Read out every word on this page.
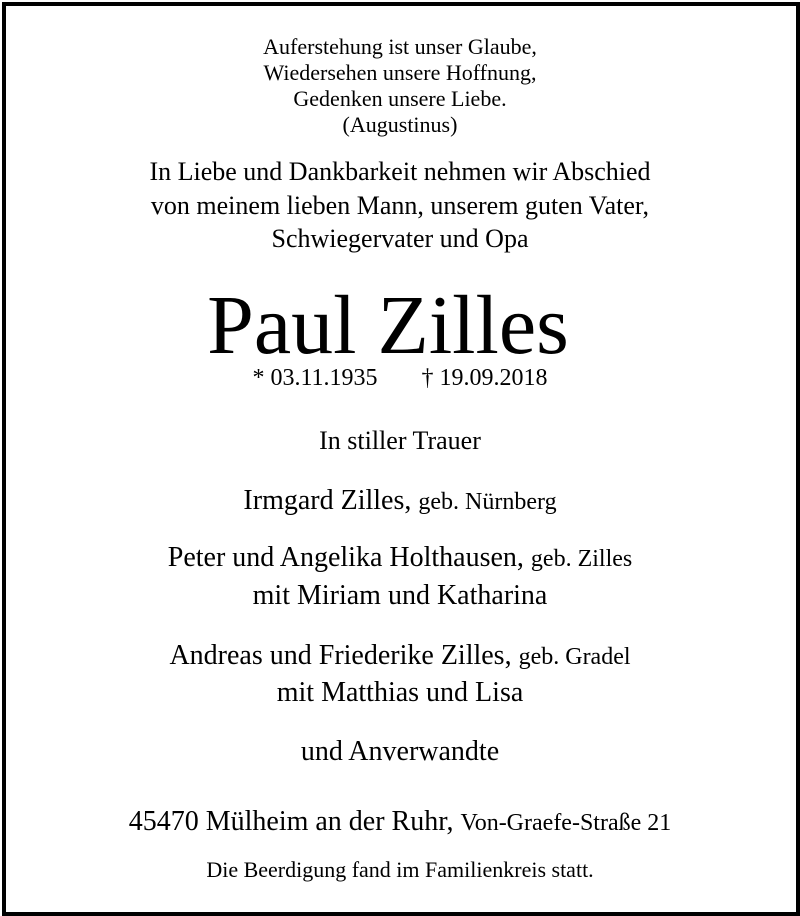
Auferstehung ist unser Glaube,
Wiedersehen unsere Hoffnung,
Gedenken unsere Liebe.
(Augustinus)
In Liebe und Dankbarkeit nehmen wir Abschied
von meinem lieben Mann, unserem guten Vater,
Schwiegervater und Opa
Paul Zilles
* 03.11.1935 † 19.09.2018
In stiller Trauer
Irmgard Zilles, geb. Nürnberg
Peter und Angelika Holthausen, geb. Zilles
mit Miriam und Katharina
Andreas und Friederike Zilles, geb. Gradel
mit Matthias und Lisa
und Anverwandte
45470 Mülheim an der Ruhr, Von-Graefe-Straße 21
Die Beerdigung fand im Familienkreis statt.
